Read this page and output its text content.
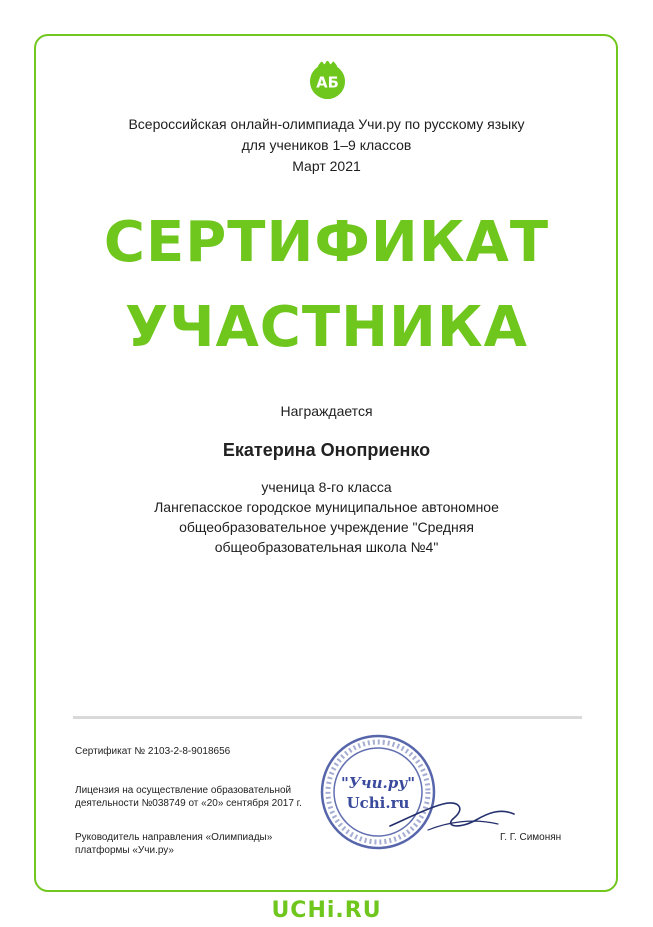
АБ
Всероссийская онлайн-олимпиада Учи.ру по русскому языку
для учеников 1–9 классов
Март 2021
СЕРТИФИКАТ
УЧАСТНИКА
Награждается
Екатерина Оноприенко
ученица 8-го класса
Лангепасское городское муниципальное автономное
общеобразовательное учреждение "Средняя
общеобразовательная школа №4"
Сертификат № 2103-2-8-9018656
Лицензия на осуществление образовательной
деятельности №038749 от «20» сентября 2017 г.
Руководитель направления «Олимпиады»
платформы «Учи.ру»
"Учи.ру"
Uchi.ru
Г. Г. Симонян
UCHi.RU
